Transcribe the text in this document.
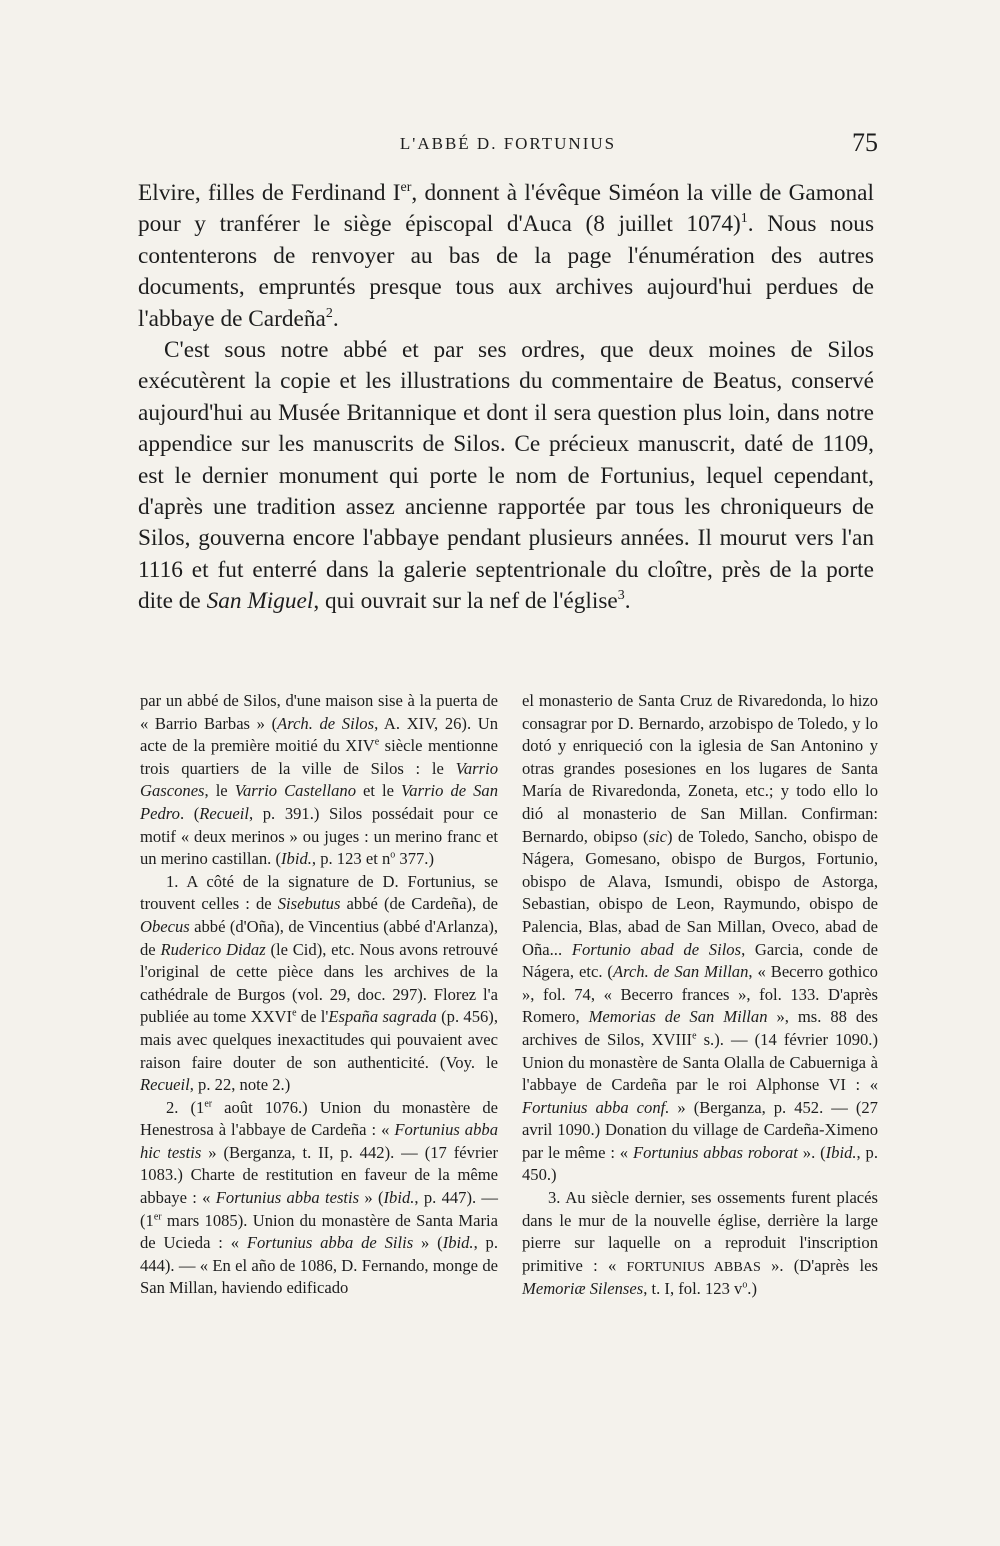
L'ABBÉ D. FORTUNIUS	75

Elvire, filles de Ferdinand Ier, donnent à l'évêque Siméon la ville de Gamonal pour y tranférer le siège épiscopal d'Auca (8 juillet 1074)$^1$. Nous nous contenterons de renvoyer au bas de la page l'énumération des autres documents, empruntés presque tous aux archives aujourd'hui perdues de l'abbaye de Cardeña$^2$.

C'est sous notre abbé et par ses ordres, que deux moines de Silos exécutèrent la copie et les illustrations du commentaire de Beatus, conservé aujourd'hui au Musée Britannique et dont il sera question plus loin, dans notre appendice sur les manuscrits de Silos. Ce précieux manuscrit, daté de 1109, est le dernier monument qui porte le nom de Fortunius, lequel cependant, d'après une tradition assez ancienne rapportée par tous les chroniqueurs de Silos, gouverna encore l'abbaye pendant plusieurs années. Il mourut vers l'an 1116 et fut enterré dans la galerie septentrionale du cloître, près de la porte dite de San Miguel, qui ouvrait sur la nef de l'église$^3$.

par un abbé de Silos, d'une maison sise à la puerta de « Barrio Barbas » (Arch. de Silos, A. XIV, 26). Un acte de la première moitié du XIVe siècle mentionne trois quartiers de la ville de Silos : le Varrio Gascones, le Varrio Castellano et le Varrio de San Pedro. (Recueil, p. 391.) Silos possédait pour ce motif « deux merinos » ou juges : un merino franc et un merino castillan. (Ibid., p. 123 et $n^o$ 377.)

1. A côté de la signature de D. Fortunius, se trouvent celles : de Sisebutus abbé (de Cardeña), de Obecus abbé (d'Oña), de Vincentius (abbé d'Arlanza), de Ruderico Didaz (le Cid), etc. Nous avons retrouvé l'original de cette pièce dans les archives de la cathédrale de Burgos (vol. 29, doc. 297). Florez l'a publiée au tome XXVIe de l'España sagrada (p. 456), mais avec quelques inexactitudes qui pouvaient avec raison faire douter de son authenticité. (Voy. le Recueil, p. 22, note 2.)

2. (1er août 1076.) Union du monastère de Henestrosa à l'abbaye de Cardeña : « Fortunius abba hic testis » (Berganza, t. II, p. 442). — (17 février 1083.) Charte de restitution en faveur de la même abbaye : « Fortunius abba testis » (Ibid., p. 447). — (1er mars 1085). Union du monastère de Santa Maria de Ucieda : « Fortunius abba de Silis » (Ibid., p. 444). — « En el año de 1086, D. Fernando, monge de San Millan, haviendo edificado

el monasterio de Santa Cruz de Rivaredonda, lo hizo consagrar por D. Bernardo, arzobispo de Toledo, y lo dotó y enriqueció con la iglesia de San Antonino y otras grandes posesiones en los lugares de Santa María de Rivaredonda, Zoneta, etc.; y todo ello lo dió al monasterio de San Millan. Confirman: Bernardo, obipso (sic) de Toledo, Sancho, obispo de Nágera, Gomesano, obispo de Burgos, Fortunio, obispo de Alava, Ismundi, obispo de Astorga, Sebastian, obispo de Leon, Raymundo, obispo de Palencia, Blas, abad de San Millan, Oveco, abad de Oña... Fortunio abad de Silos, Garcia, conde de Nágera, etc. (Arch. de San Millan, « Becerro gothico », fol. 74, « Becerro frances », fol. 133. D'après Romero, Memorias de San Millan », ms. 88 des archives de Silos, XVIIIe s.). — (14 février 1090.) Union du monastère de Santa Olalla de Cabuerniga à l'abbaye de Cardeña par le roi Alphonse VI : « Fortunius abba conf. » (Berganza, p. 452. — (27 avril 1090.) Donation du village de Cardeña-Ximeno par le même : « Fortunius abbas roborat ». (Ibid., p. 450.)

3. Au siècle dernier, ses ossements furent placés dans le mur de la nouvelle église, derrière la large pierre sur laquelle on a reproduit l'inscription primitive : « FORTUNIUS ABBAS ». (D'après les Memoriæ Silenses, t. I, fol. 123 $v^o$.)
